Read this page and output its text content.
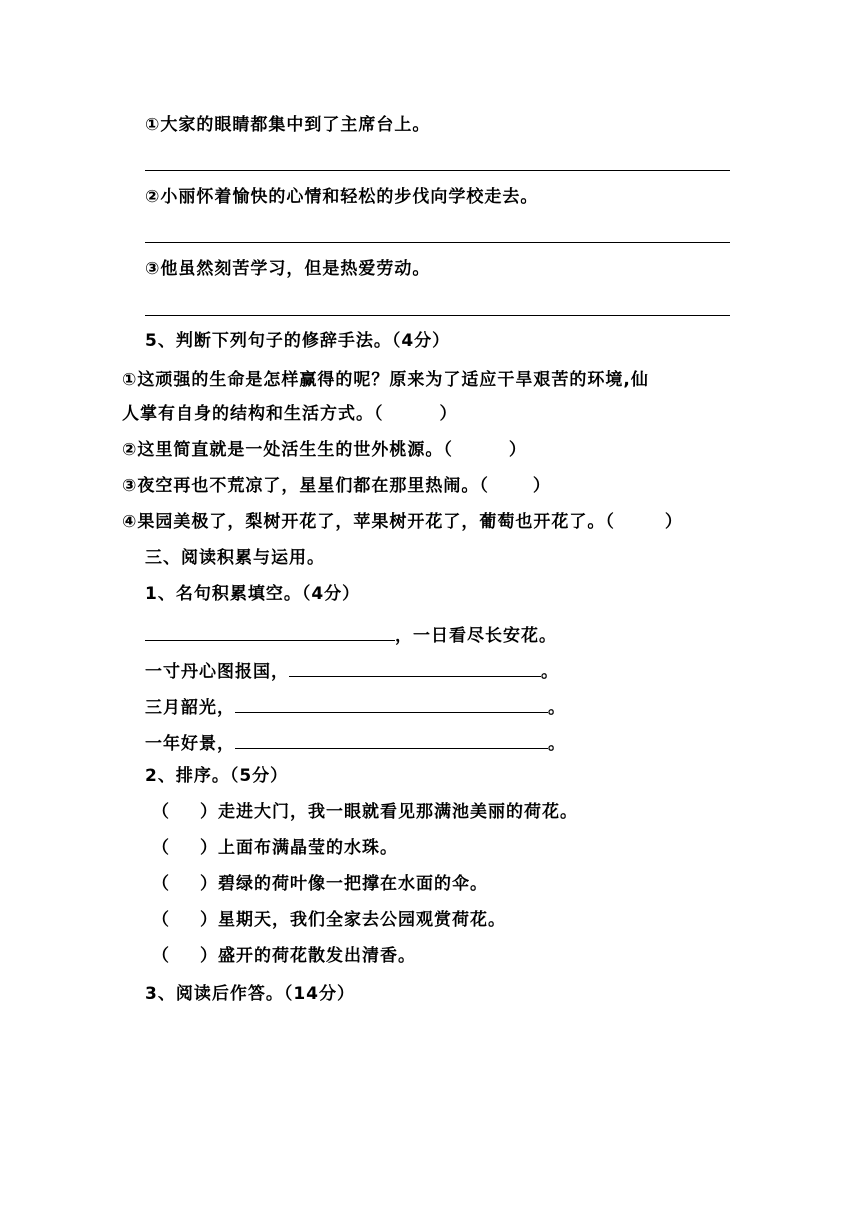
①大家的眼睛都集中到了主席台上。
②小丽怀着愉快的心情和轻松的步伐向学校走去。
③他虽然刻苦学习，但是热爱劳动。
5、判断下列句子的修辞手法。（4分）
①这顽强的生命是怎样赢得的呢？原来为了适应干旱艰苦的环境,仙
人掌有自身的结构和生活方式。（	）
②这里简直就是一处活生生的世外桃源。（	）
③夜空再也不荒凉了，星星们都在那里热闹。（	）
④果园美极了，梨树开花了，苹果树开花了，葡萄也开花了。（	）
三、阅读积累与运用。
1、名句积累填空。（4分）
，一日看尽长安花。
一寸丹心图报国，	。
三月韶光，	。
一年好景，	。
2、排序。（5分）
（ ）走进大门，我一眼就看见那满池美丽的荷花。
（ ）上面布满晶莹的水珠。
（ ）碧绿的荷叶像一把撑在水面的伞。
（ ）星期天，我们全家去公园观赏荷花。
（ ）盛开的荷花散发出清香。
3、阅读后作答。（14分）
